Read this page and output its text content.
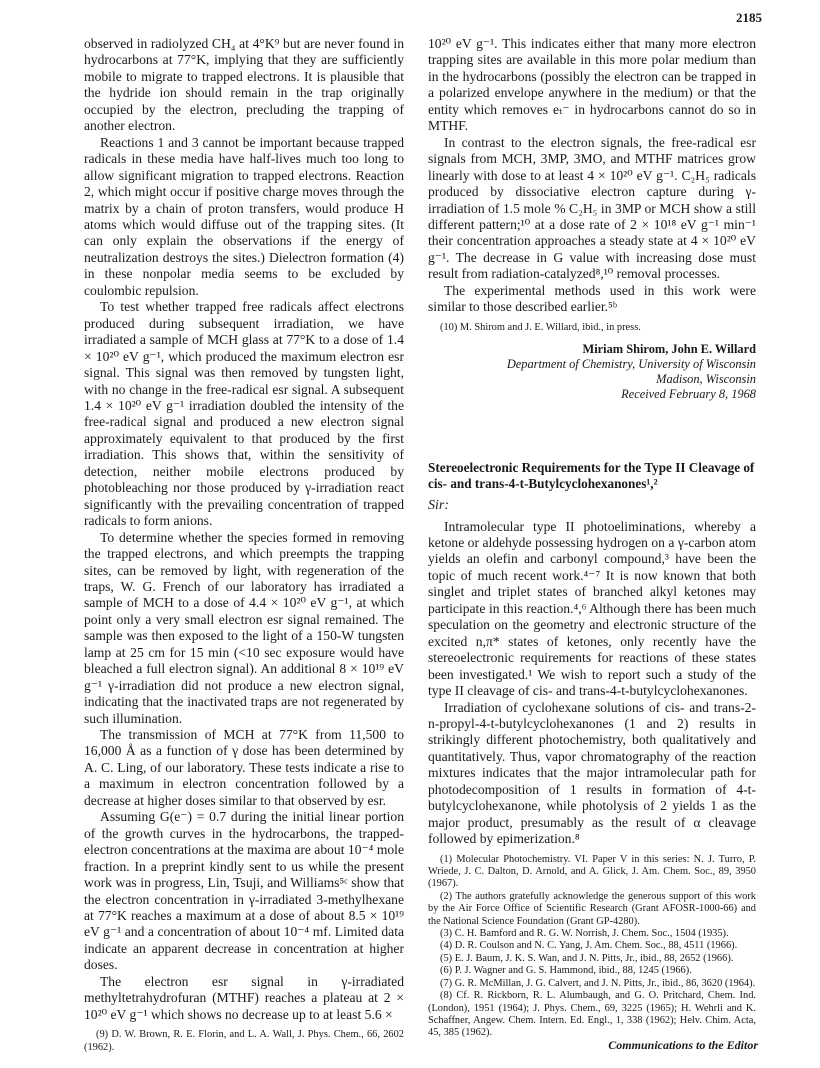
2185

observed in radiolyzed CH₄ at 4°K⁹ but are never found in hydrocarbons at 77°K, implying that they are sufficiently mobile to migrate to trapped electrons. It is plausible that the hydride ion should remain in the trap originally occupied by the electron, precluding the trapping of another electron.

Reactions 1 and 3 cannot be important because trapped radicals in these media have half-lives much too long to allow significant migration to trapped electrons. Reaction 2, which might occur if positive charge moves through the matrix by a chain of proton transfers, would produce H atoms which would diffuse out of the trapping sites. (It can only explain the observations if the energy of neutralization destroys the sites.) Dielectron formation (4) in these nonpolar media seems to be excluded by coulombic repulsion.

To test whether trapped free radicals affect electrons produced during subsequent irradiation, we have irradiated a sample of MCH glass at 77°K to a dose of 1.4 × 10²⁰ eV g⁻¹, which produced the maximum electron esr signal. This signal was then removed by tungsten light, with no change in the free-radical esr signal. A subsequent 1.4 × 10²⁰ eV g⁻¹ irradiation doubled the intensity of the free-radical signal and produced a new electron signal approximately equivalent to that produced by the first irradiation. This shows that, within the sensitivity of detection, neither mobile electrons produced by photobleaching nor those produced by γ-irradiation react significantly with the prevailing concentration of trapped radicals to form anions.

To determine whether the species formed in removing the trapped electrons, and which preempts the trapping sites, can be removed by light, with regeneration of the traps, W. G. French of our laboratory has irradiated a sample of MCH to a dose of 4.4 × 10²⁰ eV g⁻¹, at which point only a very small electron esr signal remained. The sample was then exposed to the light of a 150-W tungsten lamp at 25 cm for 15 min (<10 sec exposure would have bleached a full electron signal). An additional 8 × 10¹⁹ eV g⁻¹ γ-irradiation did not produce a new electron signal, indicating that the inactivated traps are not regenerated by such illumination.

The transmission of MCH at 77°K from 11,500 to 16,000 Å as a function of γ dose has been determined by A. C. Ling, of our laboratory. These tests indicate a rise to a maximum in electron concentration followed by a decrease at higher doses similar to that observed by esr.

Assuming G(e⁻) = 0.7 during the initial linear portion of the growth curves in the hydrocarbons, the trapped-electron concentrations at the maxima are about 10⁻⁴ mole fraction. In a preprint kindly sent to us while the present work was in progress, Lin, Tsuji, and Williams⁵ᶜ show that the electron concentration in γ-irradiated 3-methylhexane at 77°K reaches a maximum at a dose of about 8.5 × 10¹⁹ eV g⁻¹ and a concentration of about 10⁻⁴ mf. Limited data indicate an apparent decrease in concentration at higher doses.

The electron esr signal in γ-irradiated methyltetrahydrofuran (MTHF) reaches a plateau at 2 × 10²⁰ eV g⁻¹ which shows no decrease up to at least 5.6 ×

(9) D. W. Brown, R. E. Florin, and L. A. Wall, J. Phys. Chem., 66, 2602 (1962).

10²⁰ eV g⁻¹. This indicates either that many more electron trapping sites are available in this more polar medium than in the hydrocarbons (possibly the electron can be trapped in a polarized envelope anywhere in the medium) or that the entity which removes eₜ⁻ in hydrocarbons cannot do so in MTHF.

In contrast to the electron signals, the free-radical esr signals from MCH, 3MP, 3MO, and MTHF matrices grow linearly with dose to at least 4 × 10²⁰ eV g⁻¹. C₂H₅ radicals produced by dissociative electron capture during γ-irradiation of 1.5 mole % C₂H₅ in 3MP or MCH show a still different pattern;¹⁰ at a dose rate of 2 × 10¹⁸ eV g⁻¹ min⁻¹ their concentration approaches a steady state at 4 × 10²⁰ eV g⁻¹. The decrease in G value with increasing dose must result from radiation-catalyzed⁸,¹⁰ removal processes.

The experimental methods used in this work were similar to those described earlier.⁵ᵇ

(10) M. Shirom and J. E. Willard, ibid., in press.

Miriam Shirom, John E. Willard
Department of Chemistry, University of Wisconsin
Madison, Wisconsin
Received February 8, 1968
Stereoelectronic Requirements for the Type II Cleavage of cis- and trans-4-t-Butylcyclohexanones¹,²
Sir:

Intramolecular type II photoeliminations, whereby a ketone or aldehyde possessing hydrogen on a γ-carbon atom yields an olefin and carbonyl compound,³ have been the topic of much recent work.⁴⁻⁷ It is now known that both singlet and triplet states of branched alkyl ketones may participate in this reaction.⁴,⁶ Although there has been much speculation on the geometry and electronic structure of the excited n,π* states of ketones, only recently have the stereoelectronic requirements for reactions of these states been investigated.¹ We wish to report such a study of the type II cleavage of cis- and trans-4-t-butylcyclohexanones.

Irradiation of cyclohexane solutions of cis- and trans-2-n-propyl-4-t-butylcyclohexanones (1 and 2) results in strikingly different photochemistry, both qualitatively and quantitatively. Thus, vapor chromatography of the reaction mixtures indicates that the major intramolecular path for photodecomposition of 1 results in formation of 4-t-butylcyclohexanone, while photolysis of 2 yields 1 as the major product, presumably as the result of α cleavage followed by epimerization.⁸

(1) Molecular Photochemistry. VI. Paper V in this series: N. J. Turro, P. Wriede, J. C. Dalton, D. Arnold, and A. Glick, J. Am. Chem. Soc., 89, 3950 (1967).

(2) The authors gratefully acknowledge the generous support of this work by the Air Force Office of Scientific Research (Grant AFOSR-1000-66) and the National Science Foundation (Grant GP-4280).

(3) C. H. Bamford and R. G. W. Norrish, J. Chem. Soc., 1504 (1935).

(4) D. R. Coulson and N. C. Yang, J. Am. Chem. Soc., 88, 4511 (1966).

(5) E. J. Baum, J. K. S. Wan, and J. N. Pitts, Jr., ibid., 88, 2652 (1966).

(6) P. J. Wagner and G. S. Hammond, ibid., 88, 1245 (1966).

(7) G. R. McMillan, J. G. Calvert, and J. N. Pitts, Jr., ibid., 86, 3620 (1964).

(8) Cf. R. Rickborn, R. L. Alumbaugh, and G. O. Pritchard, Chem. Ind. (London), 1951 (1964); J. Phys. Chem., 69, 3225 (1965); H. Wehrli and K. Schaffner, Angew. Chem. Intern. Ed. Engl., 1, 338 (1962); Helv. Chim. Acta, 45, 385 (1962).

Communications to the Editor
